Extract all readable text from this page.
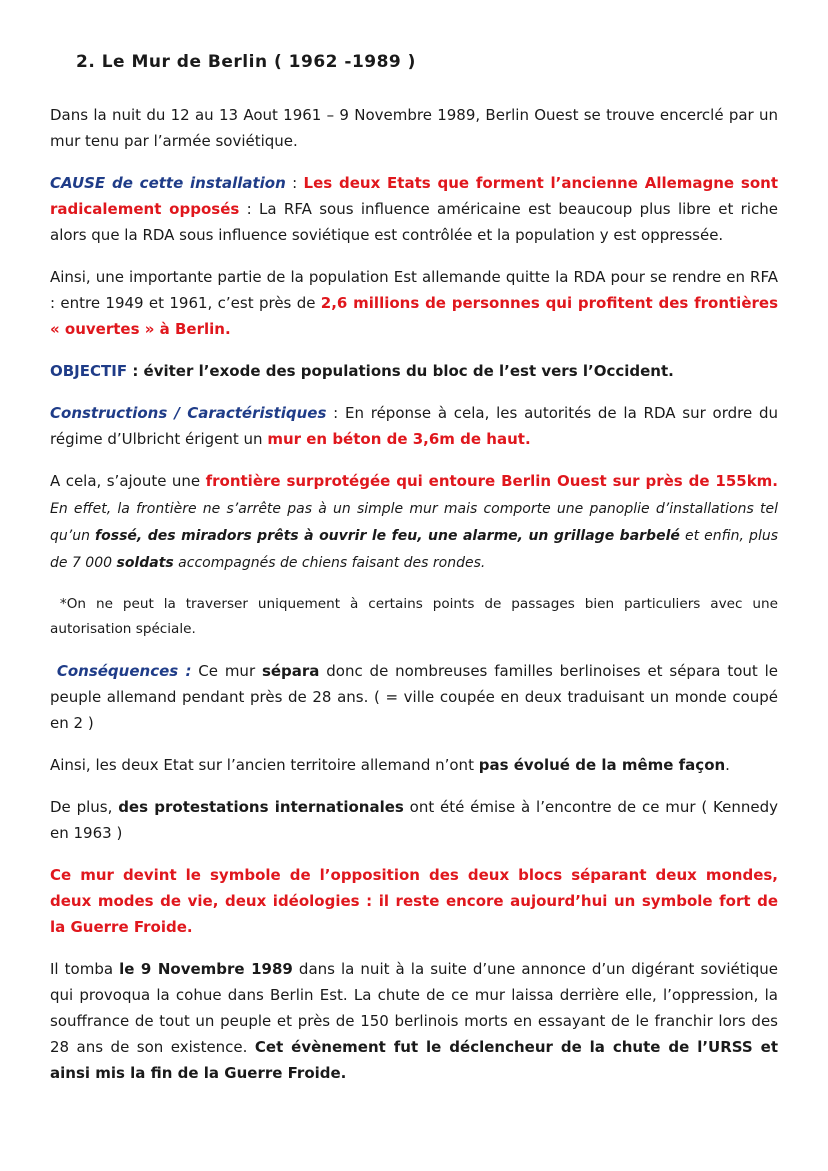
2. Le Mur de Berlin ( 1962 -1989 )

Dans la nuit du 12 au 13 Aout 1961 – 9 Novembre 1989, Berlin Ouest se trouve encerclé par un mur tenu par l’armée soviétique.

CAUSE de cette installation : Les deux Etats que forment l’ancienne Allemagne sont radicalement opposés : La RFA sous influence américaine est beaucoup plus libre et riche alors que la RDA sous influence soviétique est contrôlée et la population y est oppressée.

Ainsi, une importante partie de la population Est allemande quitte la RDA pour se rendre en RFA : entre 1949 et 1961, c’est près de 2,6 millions de personnes qui profitent des frontières « ouvertes » à Berlin.

OBJECTIF : éviter l’exode des populations du bloc de l’est vers l’Occident.

Constructions / Caractéristiques : En réponse à cela, les autorités de la RDA sur ordre du régime d’Ulbricht érigent un mur en béton de 3,6m de haut.

A cela, s’ajoute une frontière surprotégée qui entoure Berlin Ouest sur près de 155km. En effet, la frontière ne s’arrête pas à un simple mur mais comporte une panoplie d’installations tel qu’un fossé, des miradors prêts à ouvrir le feu, une alarme, un grillage barbelé et enfin, plus de 7 000 soldats accompagnés de chiens faisant des rondes.

*On ne peut la traverser uniquement à certains points de passages bien particuliers avec une autorisation spéciale.

Conséquences : Ce mur sépara donc de nombreuses familles berlinoises et sépara tout le peuple allemand pendant près de 28 ans. ( = ville coupée en deux traduisant un monde coupé en 2 )

Ainsi, les deux Etat sur l’ancien territoire allemand n’ont pas évolué de la même façon.

De plus, des protestations internationales ont été émise à l’encontre de ce mur ( Kennedy en 1963 )

Ce mur devint le symbole de l’opposition des deux blocs séparant deux mondes, deux modes de vie, deux idéologies : il reste encore aujourd’hui un symbole fort de la Guerre Froide.

Il tomba le 9 Novembre 1989 dans la nuit à la suite d’une annonce d’un digérant soviétique qui provoqua la cohue dans Berlin Est. La chute de ce mur laissa derrière elle, l’oppression, la souffrance de tout un peuple et près de 150 berlinois morts en essayant de le franchir lors des 28 ans de son existence. Cet évènement fut le déclencheur de la chute de l’URSS et ainsi mis la fin de la Guerre Froide.
